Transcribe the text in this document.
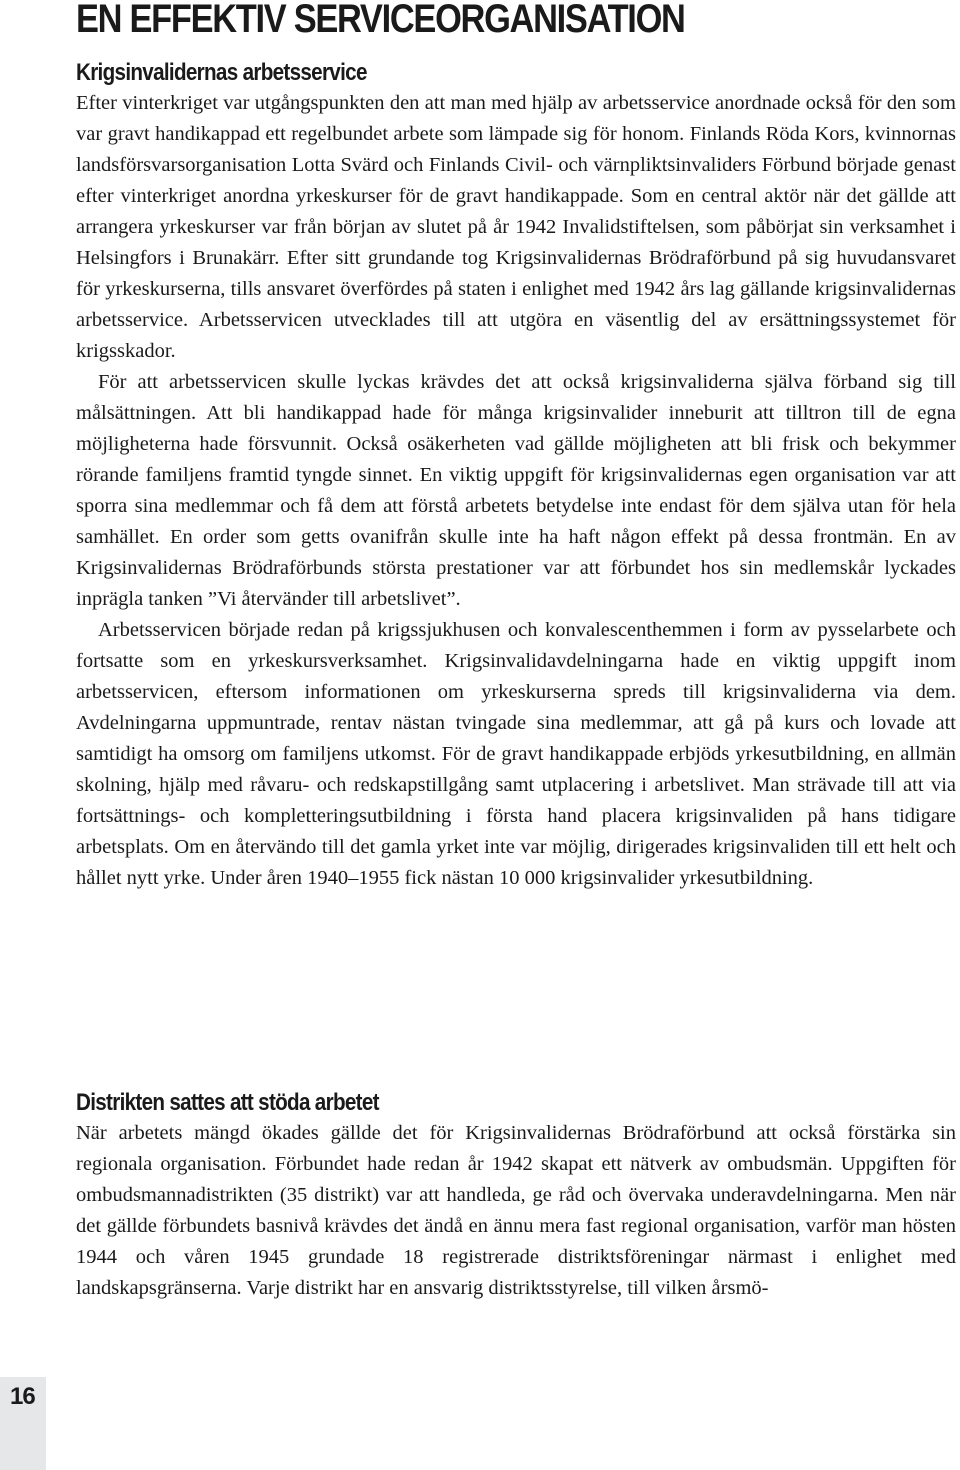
EN EFFEKTIV SERVICEORGANISATION
Krigsinvalidernas arbetsservice

Efter vinterkriget var utgångspunkten den att man med hjälp av arbetsservice anordnade också för den som var gravt handikappad ett regelbundet arbete som lämpade sig för honom. Finlands Röda Kors, kvinnornas landsförsvarsorganisation Lotta Svärd och Finlands Civil- och värnpliktsinvaliders Förbund började genast efter vinterkriget anordna yrkeskurser för de gravt handikappade. Som en central aktör när det gällde att arrangera yrkeskurser var från början av slutet på år 1942 Invalidstiftelsen, som påbörjat sin verksamhet i Helsingfors i Brunakärr. Efter sitt grundande tog Krigsinvalidernas Brödraförbund på sig huvudansvaret för yrkeskurserna, tills ansvaret överfördes på staten i enlighet med 1942 års lag gällande krigsinvalidernas arbetsservice. Arbetsservicen utvecklades till att utgöra en väsentlig del av ersättningssystemet för krigsskador.

För att arbetsservicen skulle lyckas krävdes det att också krigsinvaliderna själva förband sig till målsättningen. Att bli handikappad hade för många krigsinvalider inneburit att tilltron till de egna möjligheterna hade försvunnit. Också osäkerheten vad gällde möjligheten att bli frisk och bekymmer rörande familjens framtid tyngde sinnet. En viktig uppgift för krigsinvalidernas egen organisation var att sporra sina medlemmar och få dem att förstå arbetets betydelse inte endast för dem själva utan för hela samhället. En order som getts ovanifrån skulle inte ha haft någon effekt på dessa frontmän. En av Krigsinvalidernas Brödraförbunds största prestationer var att förbundet hos sin medlemskår lyckades inprägla tanken ”Vi återvänder till arbetslivet”.

Arbetsservicen började redan på krigssjukhusen och konvalescenthemmen i form av pysselarbete och fortsatte som en yrkeskursverksamhet. Krigsinvalidavdelningarna hade en viktig uppgift inom arbetsservicen, eftersom informationen om yrkeskurserna spreds till krigsinvaliderna via dem. Avdelningarna uppmuntrade, rentav nästan tvingade sina medlemmar, att gå på kurs och lovade att samtidigt ha omsorg om familjens utkomst. För de gravt handikappade erbjöds yrkesutbildning, en allmän skolning, hjälp med råvaru- och redskapstillgång samt utplacering i arbetslivet. Man strävade till att via fortsättnings- och kompletteringsutbildning i första hand placera krigsinvaliden på hans tidigare arbetsplats. Om en återvändo till det gamla yrket inte var möjlig, dirigerades krigsinvaliden till ett helt och hållet nytt yrke. Under åren 1940–1955 fick nästan 10 000 krigsinvalider yrkesutbildning.

Distrikten sattes att stöda arbetet

När arbetets mängd ökades gällde det för Krigsinvalidernas Brödraförbund att också förstärka sin regionala organisation. Förbundet hade redan år 1942 skapat ett nätverk av ombudsmän. Uppgiften för ombudsmannadistrikten (35 distrikt) var att handleda, ge råd och övervaka underavdelningarna. Men när det gällde förbundets basnivå krävdes det ändå en ännu mera fast regional organisation, varför man hösten 1944 och våren 1945 grundade 18 registrerade distriktsföreningar närmast i enlighet med landskapsgränserna. Varje distrikt har en ansvarig distriktsstyrelse, till vilken årsmö-

16
